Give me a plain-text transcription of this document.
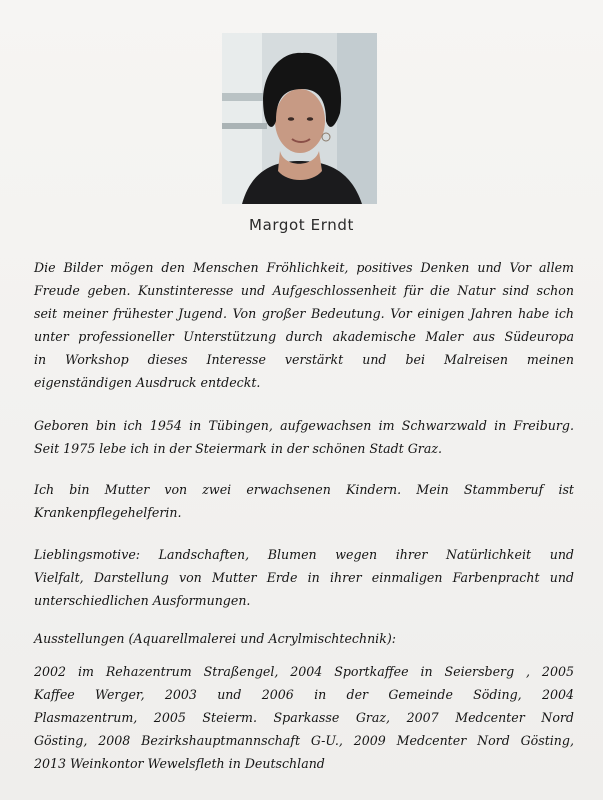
Margot Erndt

Die Bilder mögen den Menschen Fröhlichkeit, positives Denken und Vor allem
Freude geben. Kunstinteresse und Aufgeschlossenheit für die Natur sind schon
seit meiner frühester Jugend. Von großer Bedeutung. Vor einigen Jahren habe ich
unter professioneller Unterstützung durch akademische Maler aus Südeuropa
in Workshop dieses Interesse verstärkt und bei Malreisen meinen
eigenständigen Ausdruck entdeckt.

Geboren bin ich 1954 in Tübingen, aufgewachsen im Schwarzwald in Freiburg.
Seit 1975 lebe ich in der Steiermark in der schönen Stadt Graz.

Ich bin Mutter von zwei erwachsenen Kindern. Mein Stammberuf ist
Krankenpflegehelferin.

Lieblingsmotive: Landschaften, Blumen wegen ihrer Natürlichkeit und
Vielfalt, Darstellung von Mutter Erde in ihrer einmaligen Farbenpracht und
unterschiedlichen Ausformungen.

Ausstellungen (Aquarellmalerei und Acrylmischtechnik):

2002 im Rehazentrum Straßengel, 2004 Sportkaffee in Seiersberg , 2005
Kaffee Werger, 2003 und 2006 in der Gemeinde Söding, 2004
Plasmazentrum, 2005 Steierm. Sparkasse Graz, 2007 Medcenter Nord
Gösting, 2008 Bezirkshauptmannschaft G-U., 2009 Medcenter Nord Gösting,
2013 Weinkontor Wewelsfleth in Deutschland
